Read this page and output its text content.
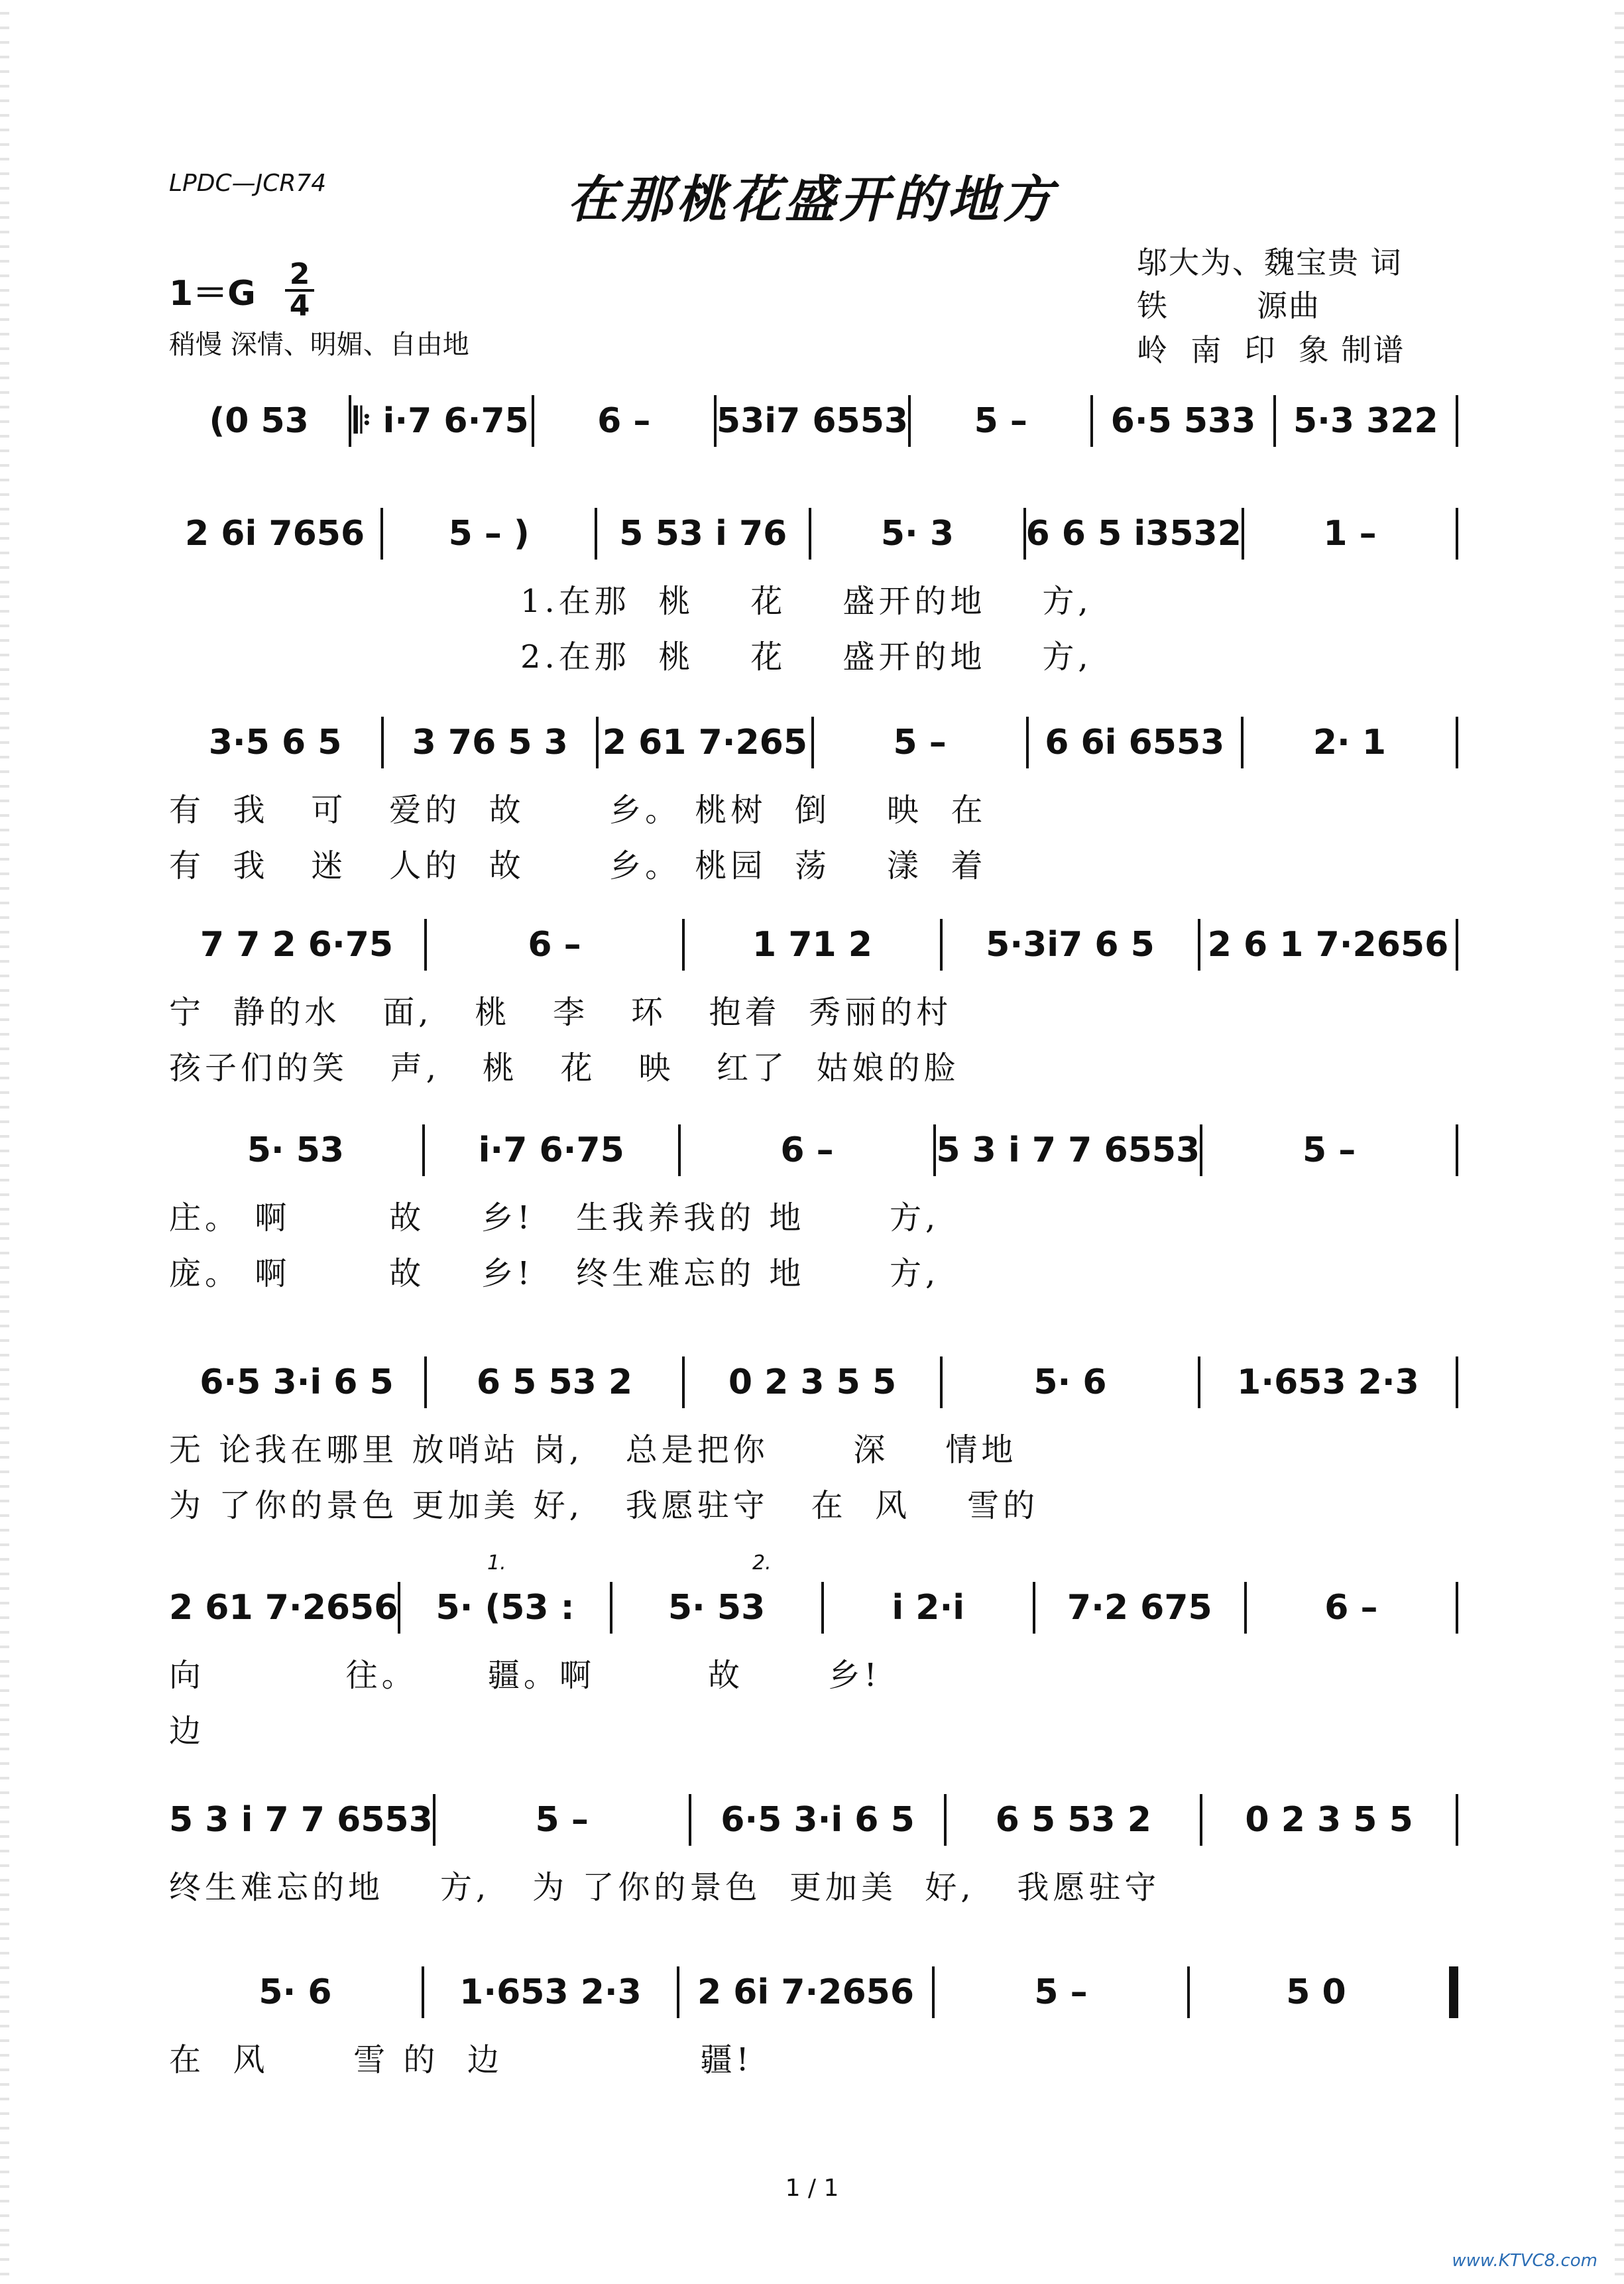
LPDC—JCR74	在那桃花盛开的地方
$1=G \frac{2}{4}$
稍慢 深情、明媚、自由地
邬大为、魏宝贵 词
铁        源曲
岭  南  印  象 制谱
(0 53 𝄆 i·7 6·75 6 – 53i7 6553 5 – 6·5 533 5·3 322
2 6i 7656 5 – )	5 53 i 76	5· 3 6 6 5 i3532 1 –
1.在那  桃    花    盛开的地    方,
2.在那  桃    花    盛开的地    方,
3·5 6 5 3 76 5 3 2 61 7·265 5 –	6 6i 6553	2· 1
有  我   可   爱的  故      乡。 桃树  倒    映  在
有  我   迷   人的  故      乡。 桃园  荡    漾  着
7 7 2 6·75	6 –	1 71 2	5·3i7 6 5 2 6 1 7·2656
宁  静的水   面,   桃   李   环   抱着  秀丽的村
孩子们的笑   声,   桃   花   映   红了  姑娘的脸
5· 53	i·7 6·75	6 –	5 3 i 7 7 6553	5 –
庄。 啊       故    乡!   生我养我的 地      方,
庞。 啊       故    乡!   终生难忘的 地      方,
6·5 3·i 6 5 6 5 53 2	0 2 3 5 5	5· 6	1·653 2·3
无 论我在哪里 放哨站 岗,   总是把你      深    情地
为 了你的景色 更加美 好,   我愿驻守   在  风    雪的
2 61 7·2656 5· (53 :	5· 53	i 2·i	7·2 675	6 –
向          往。     疆。啊        故      乡!
边
1.	2.
5 3 i 7 7 6553	5 –	6·5 3·i 6 5 6 5 53 2	0 2 3 5 5
终生难忘的地    方,   为 了你的景色  更加美  好,   我愿驻守
5· 6	1·653 2·3 2 6i 7·2656	5 –	5 0
在  风      雪 的  边              疆!
1 / 1
www.KTVC8.com
